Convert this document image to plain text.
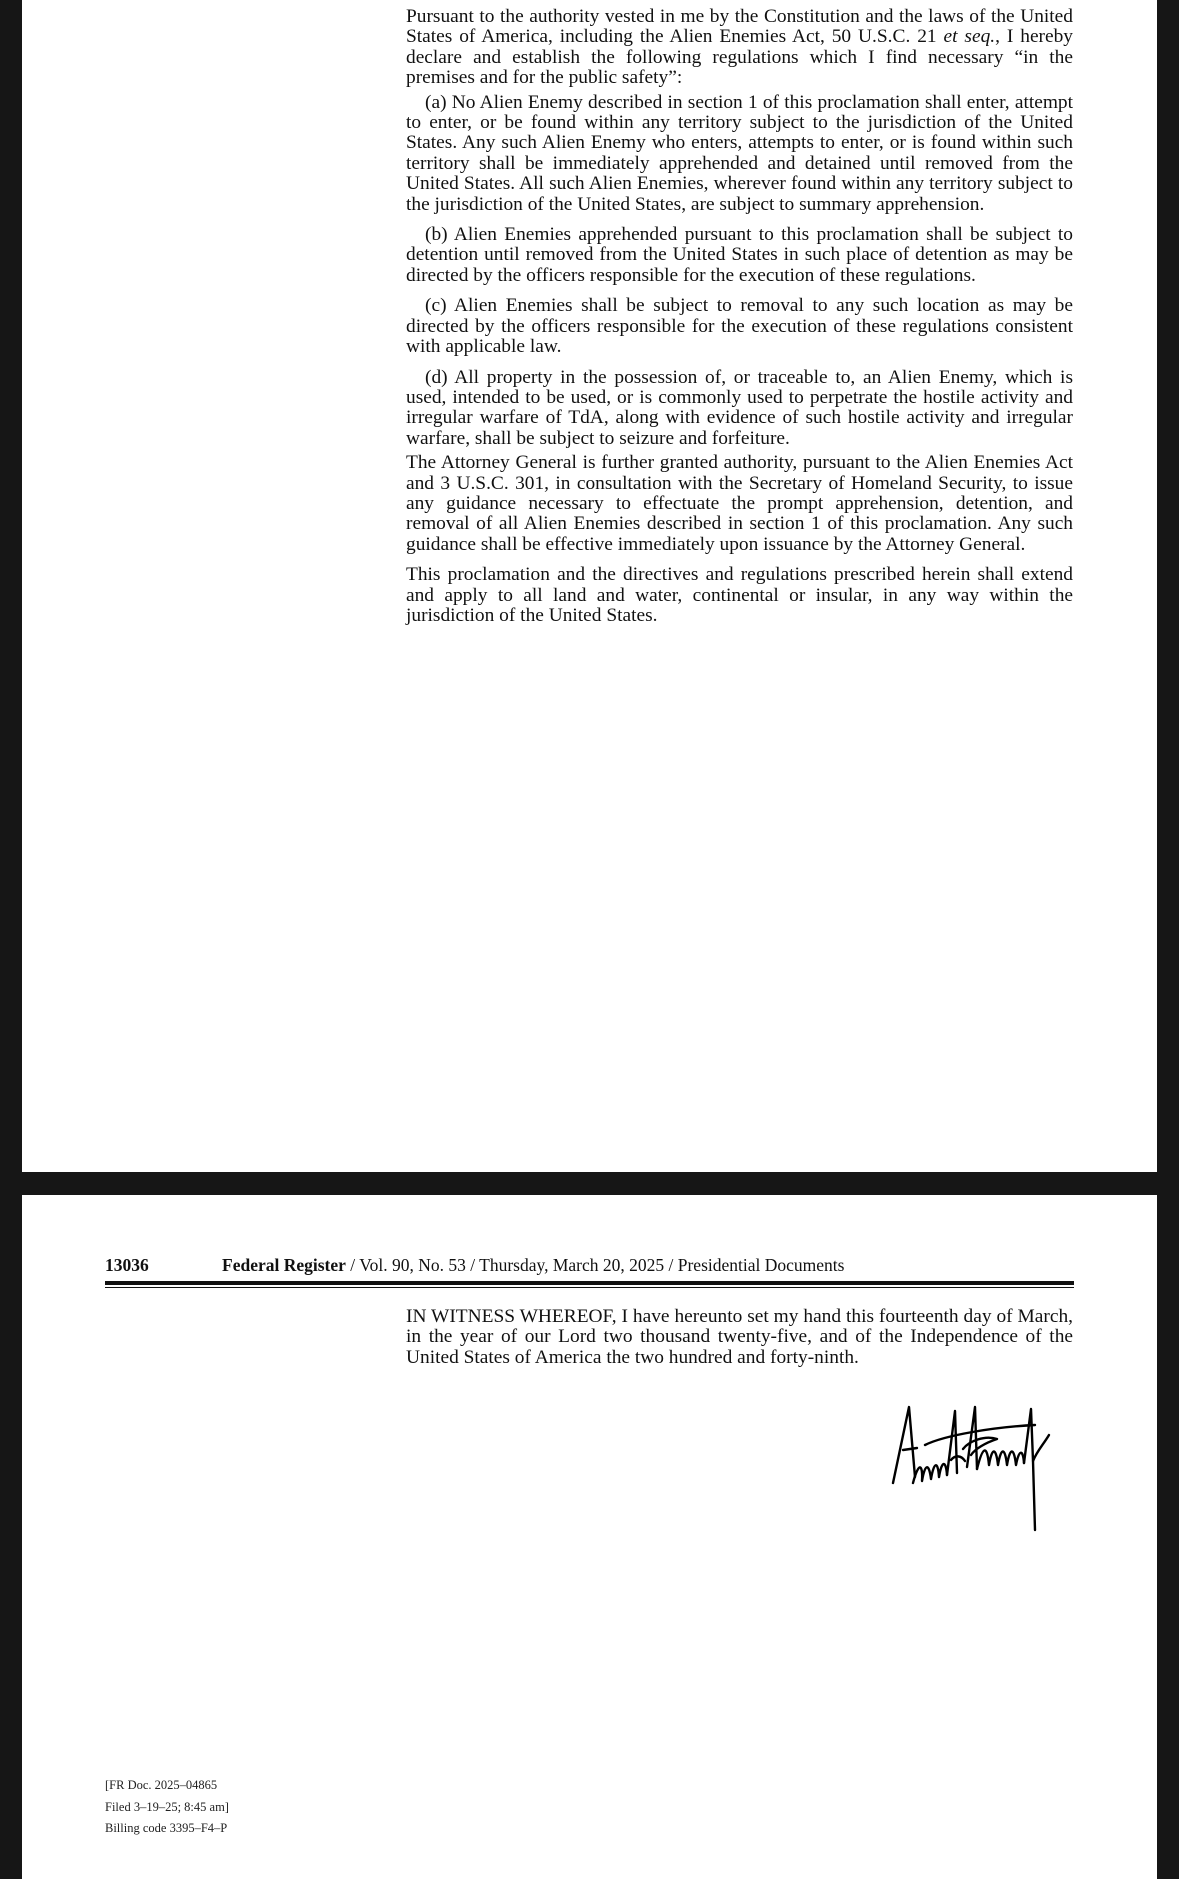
Pursuant to the authority vested in me by the Constitution and the laws of the United States of America, including the Alien Enemies Act, 50 U.S.C. 21 et seq., I hereby declare and establish the following regulations which I find necessary “in the premises and for the public safety”:

(a) No Alien Enemy described in section 1 of this proclamation shall enter, attempt to enter, or be found within any territory subject to the jurisdiction of the United States. Any such Alien Enemy who enters, attempts to enter, or is found within such territory shall be immediately apprehended and detained until removed from the United States. All such Alien Enemies, wherever found within any territory subject to the jurisdiction of the United States, are subject to summary apprehension.

(b) Alien Enemies apprehended pursuant to this proclamation shall be subject to detention until removed from the United States in such place of detention as may be directed by the officers responsible for the execution of these regulations.

(c) Alien Enemies shall be subject to removal to any such location as may be directed by the officers responsible for the execution of these regulations consistent with applicable law.

(d) All property in the possession of, or traceable to, an Alien Enemy, which is used, intended to be used, or is commonly used to perpetrate the hostile activity and irregular warfare of TdA, along with evidence of such hostile activity and irregular warfare, shall be subject to seizure and forfeiture.

The Attorney General is further granted authority, pursuant to the Alien Enemies Act and 3 U.S.C. 301, in consultation with the Secretary of Homeland Security, to issue any guidance necessary to effectuate the prompt apprehension, detention, and removal of all Alien Enemies described in section 1 of this proclamation. Any such guidance shall be effective immediately upon issuance by the Attorney General.

This proclamation and the directives and regulations prescribed herein shall extend and apply to all land and water, continental or insular, in any way within the jurisdiction of the United States.

13036	Federal Register / Vol. 90, No. 53 / Thursday, March 20, 2025 / Presidential Documents

IN WITNESS WHEREOF, I have hereunto set my hand this fourteenth day of March, in the year of our Lord two thousand twenty-five, and of the Independence of the United States of America the two hundred and forty-ninth.

[FR Doc. 2025–04865
Filed 3–19–25; 8:45 am]
Billing code 3395–F4–P
